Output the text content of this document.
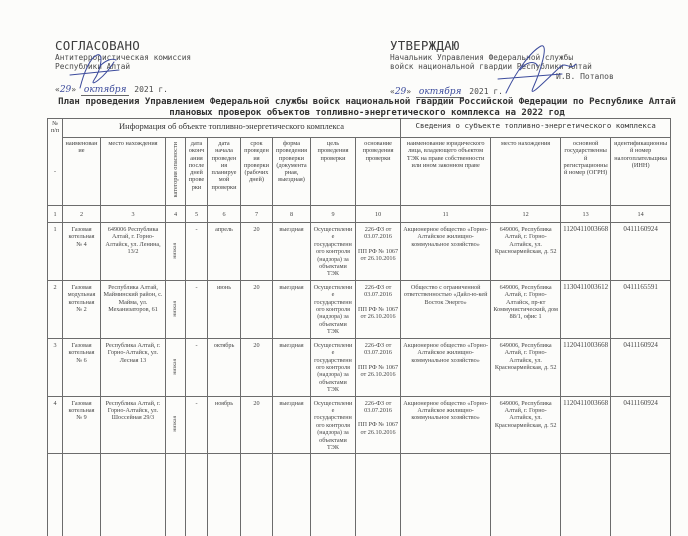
СОГЛАСОВАНО
Антитеррористическая комиссия
Республики Алтай
«29» октября 2021 г.
УТВЕРЖДАЮ
Начальник Управления Федеральной службы
войск национальной гвардии Республики Алтай
И.В. Потапов
«29» октября 2021 г.
План проведения Управлением Федеральной службы войск национальной гвардии Российской Федерации по Республике Алтай
плановых проверок объектов топливно-энергетического комплекса на 2022 год
№ п/п
-	Информация об объекте топливно-энергетического комплекса									Сведения о субъекте топливно-энергетического комплекса			
	наименование	место нахождения	категория опасности	дата окончания последней проверки	дата начала проведения планируемой проверки	срок проведения проверки (рабочих дней)	форма проведения проверки (документарная, выездная)	цель проведения проверки	основание проведения проверки	наименование юридического лица, владеющего объектом ТЭК на праве собственности или ином законном праве	место нахождения	основной государственный регистрационный номер (ОГРН)	идентификационный номер налогоплательщика (ИНН)
1	2	3	4	5	6	7	8	9	10	11	12	13	14

1	Газовая котельная № 4	649006 Республика Алтай, г. Горно-Алтайск, ул. Ленина, 13/2	низкая	-	апрель	20	выездная	Осуществление государственного контроля (надзора) за объектами ТЭК	226-ФЗ от 03.07.2016
ПП РФ № 1067 от 26.10.2016	Акционерное общество «Горно-Алтайское жилищно-коммунальное хозяйство»	649006, Республика Алтай, г. Горно-Алтайск, ул. Красноармейская, д. 52	1120411003668	0411160924

2	Газовая модульная котельная № 2	Республика Алтай, Майминский район, с. Майма, ул. Механизаторов, 61	низкая	-	июнь	20	выездная	Осуществление государственного контроля (надзора) за объектами ТЭК	226-ФЗ от 03.07.2016
ПП РФ № 1067 от 26.10.2016	Общество с ограниченной ответственностью «Дайл-ю-кей Восток Энерго»	649006, Республика Алтай, г. Горно-Алтайск, пр-кт Коммунистический, дом 88/1, офис 1	1130411003612	0411165591

3	Газовая котельная № 6	Республика Алтай, г. Горно-Алтайск, ул. Лесная 13	низкая	-	октябрь	20	выездная	Осуществление государственного контроля (надзора) за объектами ТЭК	226-ФЗ от 03.07.2016
ПП РФ № 1067 от 26.10.2016	Акционерное общество «Горно-Алтайское жилищно-коммунальное хозяйство»	649006, Республика Алтай, г. Горно-Алтайск, ул. Красноармейская, д. 52	1120411003668	0411160924

4	Газовая котельная № 9	Республика Алтай, г. Горно-Алтайск, ул. Шоссейная 29/3	низкая	-	ноябрь	20	выездная	Осуществление государственного контроля (надзора) за объектами ТЭК	226-ФЗ от 03.07.2016
ПП РФ № 1067 от 26.10.2016	Акционерное общество «Горно-Алтайское жилищно-коммунальное хозяйство»	649006, Республика Алтай, г. Горно-Алтайск, ул. Красноармейская, д. 52	1120411003668	0411160924
